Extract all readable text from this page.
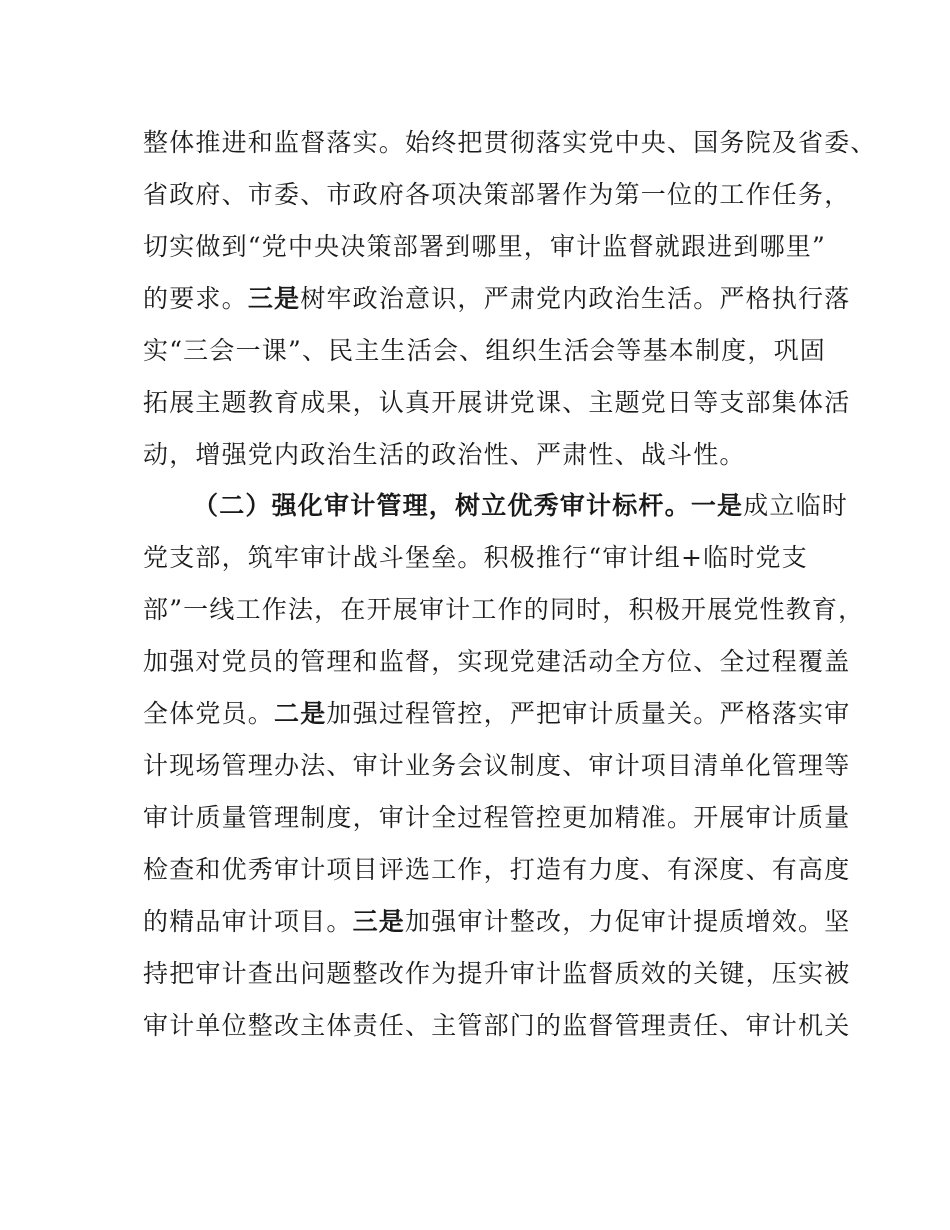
整体推进和监督落实。始终把贯彻落实党中央、国务院及省委、
省政府、市委、市政府各项决策部署作为第一位的工作任务，
切实做到“党中央决策部署到哪里，审计监督就跟进到哪里”
的要求。三是树牢政治意识，严肃党内政治生活。严格执行落
实“三会一课”、民主生活会、组织生活会等基本制度，巩固
拓展主题教育成果，认真开展讲党课、主题党日等支部集体活
动，增强党内政治生活的政治性、严肃性、战斗性。
（二）强化审计管理，树立优秀审计标杆。一是成立临时
党支部，筑牢审计战斗堡垒。积极推行“审计组+临时党支
部”一线工作法，在开展审计工作的同时，积极开展党性教育，
加强对党员的管理和监督，实现党建活动全方位、全过程覆盖
全体党员。二是加强过程管控，严把审计质量关。严格落实审
计现场管理办法、审计业务会议制度、审计项目清单化管理等
审计质量管理制度，审计全过程管控更加精准。开展审计质量
检查和优秀审计项目评选工作，打造有力度、有深度、有高度
的精品审计项目。三是加强审计整改，力促审计提质增效。坚
持把审计查出问题整改作为提升审计监督质效的关键，压实被
审计单位整改主体责任、主管部门的监督管理责任、审计机关
